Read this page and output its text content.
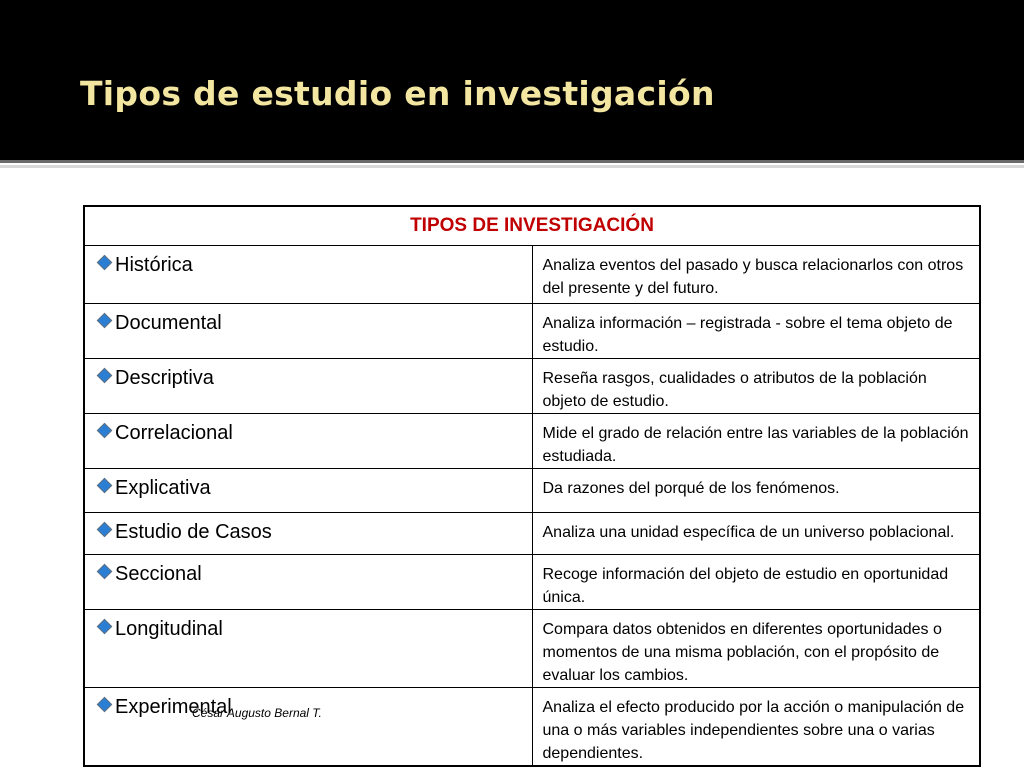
Tipos de estudio en investigación
TIPOS DE INVESTIGACIÓN	
Histórica	Analiza eventos del pasado y busca relacionarlos con otros del presente y del futuro.
Documental	Analiza información – registrada - sobre el tema objeto de estudio.
Descriptiva	Reseña rasgos, cualidades o atributos de la población objeto de estudio.
Correlacional	Mide el grado de relación entre las variables de la población estudiada.
Explicativa	Da razones del porqué de los fenómenos.
Estudio de Casos	Analiza una unidad específica de un universo poblacional.
Seccional	Recoge información del objeto de estudio en oportunidad única.
Longitudinal	Compara datos obtenidos en diferentes oportunidades o momentos de una misma población, con el propósito de evaluar los cambios.
Experimental	Analiza el efecto producido por la acción o manipulación de una o más variables independientes sobre una o varias dependientes.

César Augusto Bernal T.
